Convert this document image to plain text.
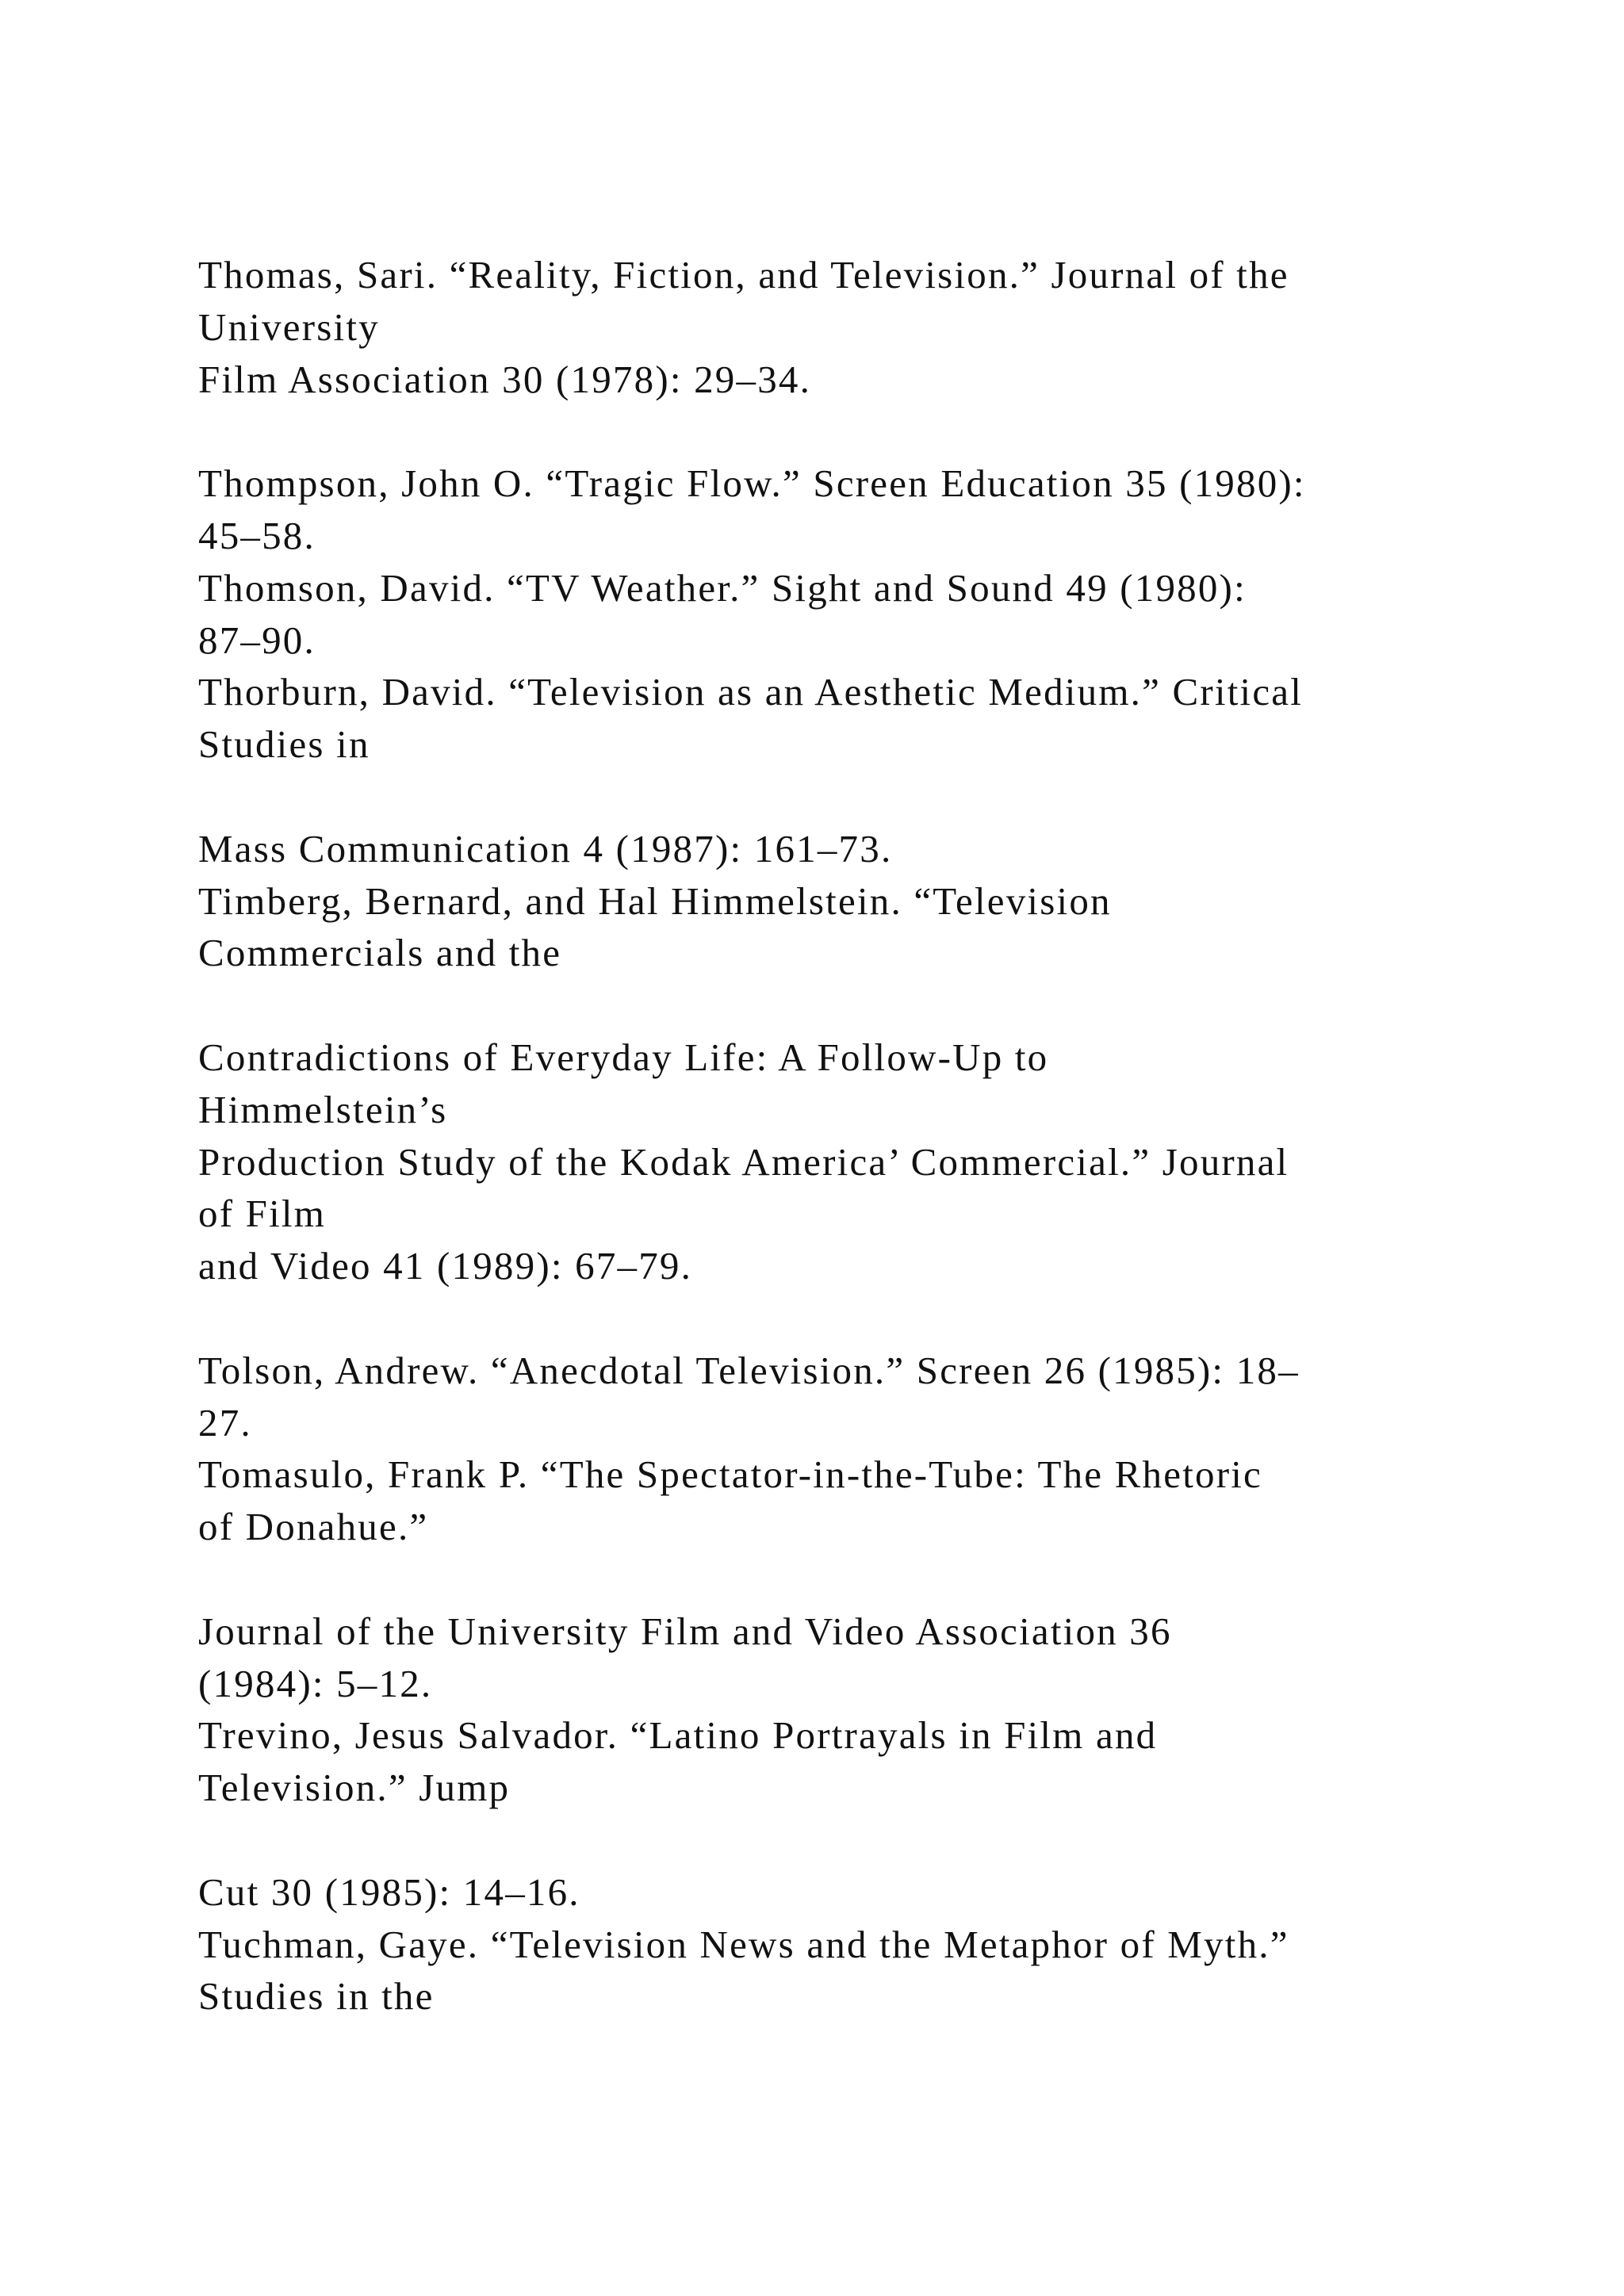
Thomas, Sari. “Reality, Fiction, and Television.” Journal of the
University
Film Association 30 (1978): 29–34.
Thompson, John O. “Tragic Flow.” Screen Education 35 (1980):
45–58.
Thomson, David. “TV Weather.” Sight and Sound 49 (1980):
87–90.
Thorburn, David. “Television as an Aesthetic Medium.” Critical
Studies in
Mass Communication 4 (1987): 161–73.
Timberg, Bernard, and Hal Himmelstein. “Television
Commercials and the
Contradictions of Everyday Life: A Follow-Up to
Himmelstein’s
Production Study of the Kodak America’ Commercial.” Journal
of Film
and Video 41 (1989): 67–79.
Tolson, Andrew. “Anecdotal Television.” Screen 26 (1985): 18–
27.
Tomasulo, Frank P. “The Spectator-in-the-Tube: The Rhetoric
of Donahue.”
Journal of the University Film and Video Association 36
(1984): 5–12.
Trevino, Jesus Salvador. “Latino Portrayals in Film and
Television.” Jump
Cut 30 (1985): 14–16.
Tuchman, Gaye. “Television News and the Metaphor of Myth.”
Studies in the
